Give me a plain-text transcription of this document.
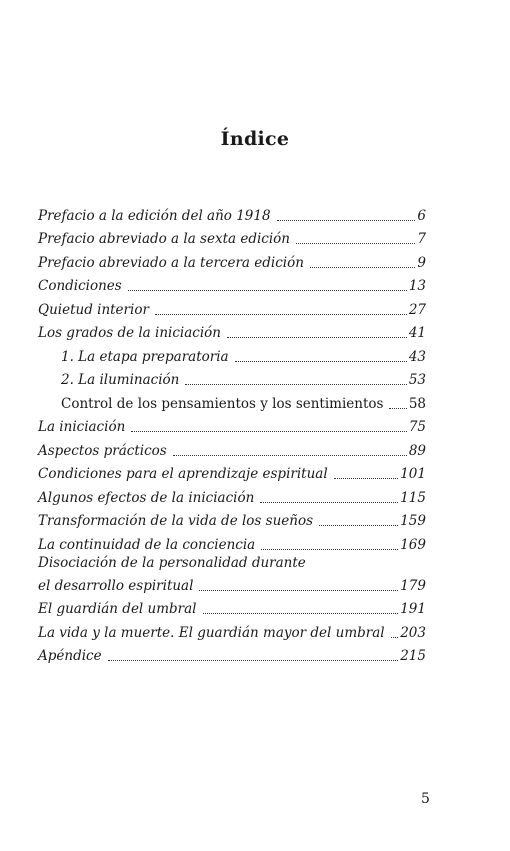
Índice
Prefacio a la edición del año 1918	6
Prefacio abreviado a la sexta edición	7
Prefacio abreviado a la tercera edición	9
Condiciones	13
Quietud interior	27
Los grados de la iniciación	41
1. La etapa preparatoria	43
2. La iluminación	53
Control de los pensamientos y los sentimientos 58
La iniciación	75
Aspectos prácticos	89
Condiciones para el aprendizaje espiritual	101
Algunos efectos de la iniciación	115
Transformación de la vida de los sueños	159
La continuidad de la conciencia	169
Disociación de la personalidad durante
el desarrollo espiritual	179
El guardián del umbral	191
La vida y la muerte. El guardián mayor del umbral 203
Apéndice	215
5
